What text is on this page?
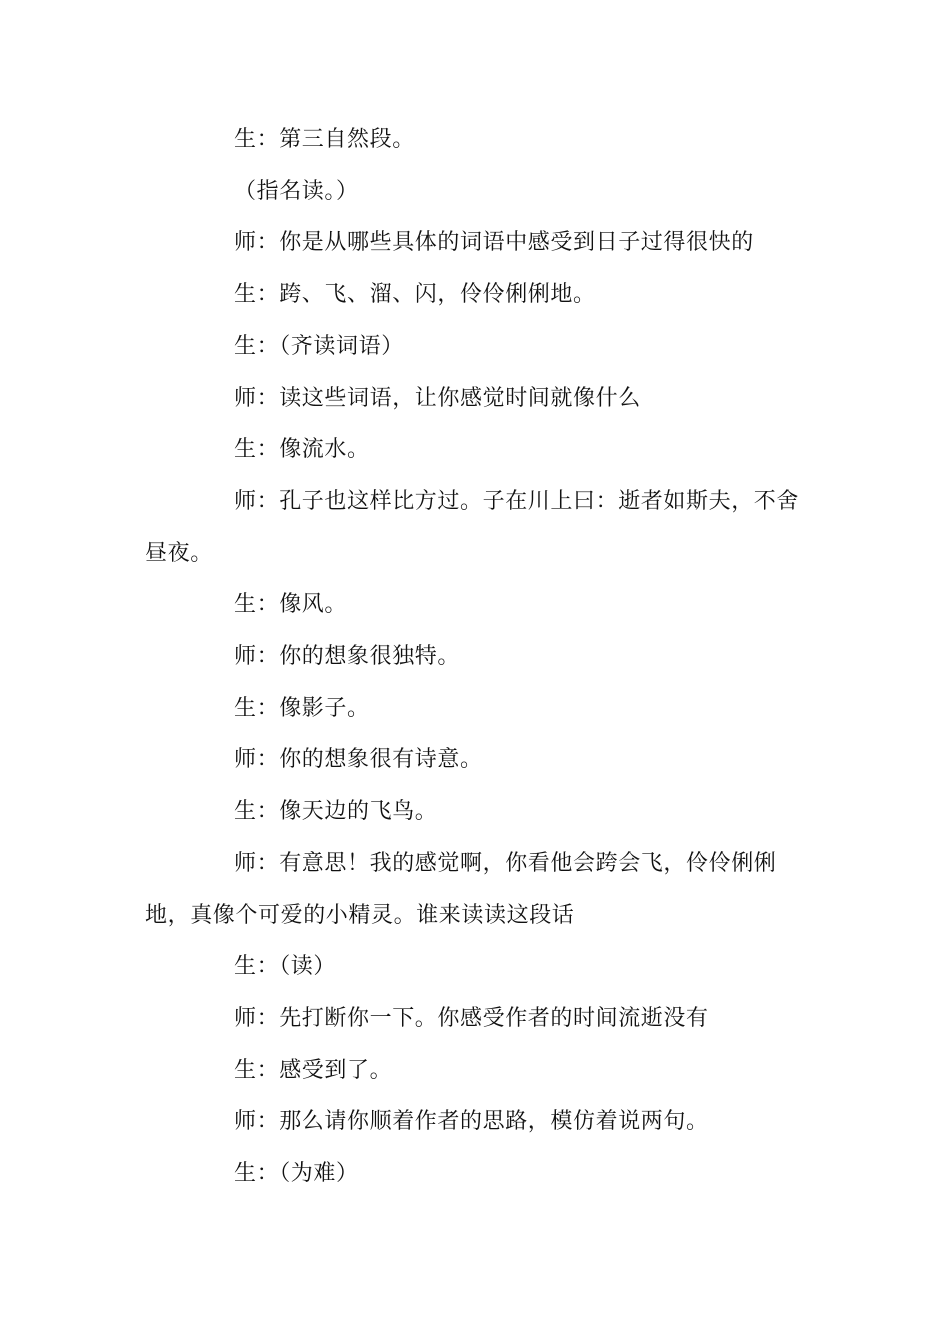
生：第三自然段。

（指名读。）

师：你是从哪些具体的词语中感受到日子过得很快的

生：跨、飞、溜、闪，伶伶俐俐地。

生：（齐读词语）

师：读这些词语，让你感觉时间就像什么

生：像流水。

师：孔子也这样比方过。子在川上曰：逝者如斯夫，不舍昼夜。

生：像风。

师：你的想象很独特。

生：像影子。

师：你的想象很有诗意。

生：像天边的飞鸟。

师：有意思！我的感觉啊，你看他会跨会飞，伶伶俐俐地，真像个可爱的小精灵。谁来读读这段话

生：（读）

师：先打断你一下。你感受作者的时间流逝没有

生：感受到了。

师：那么请你顺着作者的思路，模仿着说两句。

生：（为难）
